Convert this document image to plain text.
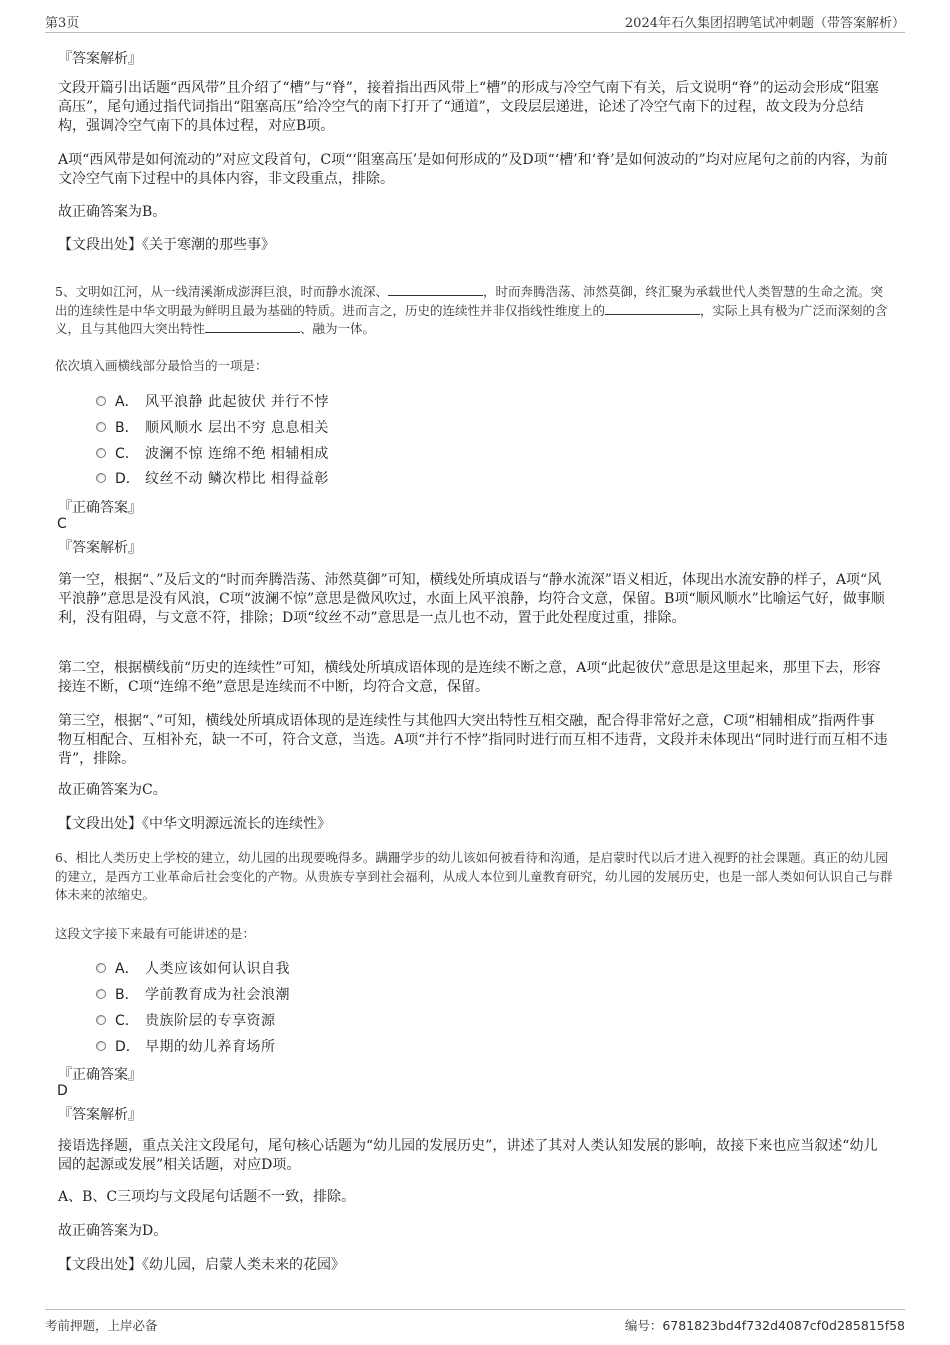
第3页	2024年石久集团招聘笔试冲刺题（带答案解析）

『答案解析』

文段开篇引出话题“西风带”且介绍了“槽”与“脊”，接着指出西风带上“槽”的形成与冷空气南下有关，后文说明“脊”的运动会形成“阻塞高压”，尾句通过指代词指出“阻塞高压”给冷空气的南下打开了“通道”，文段层层递进，论述了冷空气南下的过程，故文段为分总结构，强调冷空气南下的具体过程，对应B项。

A项“西风带是如何流动的”对应文段首句，C项“‘阻塞高压’是如何形成的”及D项“‘槽’和‘脊’是如何波动的”均对应尾句之前的内容，为前文冷空气南下过程中的具体内容，非文段重点，排除。

故正确答案为B。

【文段出处】《关于寒潮的那些事》

5、文明如江河，从一线清溪渐成澎湃巨浪，时而静水流深、	，时而奔腾浩荡、沛然莫御，终汇聚为承载世代人类智慧的生命之流。突出的连续性是中华文明最为鲜明且最为基础的特质。进而言之，历史的连续性并非仅指线性维度上的	，实际上具有极为广泛而深刻的含义，且与其他四大突出特性	、融为一体。

依次填入画横线部分最恰当的一项是：

A． 风平浪静 此起彼伏 并行不悖
B． 顺风顺水 层出不穷 息息相关
C． 波澜不惊 连绵不绝 相辅相成
D． 纹丝不动 鳞次栉比 相得益彰

『正确答案』

C

『答案解析』

第一空，根据“、”及后文的“时而奔腾浩荡、沛然莫御”可知，横线处所填成语与“静水流深”语义相近，体现出水流安静的样子，A项“风平浪静”意思是没有风浪，C项“波澜不惊”意思是微风吹过，水面上风平浪静，均符合文意，保留。B项“顺风顺水”比喻运气好，做事顺利，没有阻碍，与文意不符，排除；D项“纹丝不动”意思是一点儿也不动，置于此处程度过重，排除。

第二空，根据横线前“历史的连续性”可知，横线处所填成语体现的是连续不断之意，A项“此起彼伏”意思是这里起来，那里下去，形容接连不断，C项“连绵不绝”意思是连续而不中断，均符合文意，保留。

第三空，根据“、”可知，横线处所填成语体现的是连续性与其他四大突出特性互相交融，配合得非常好之意，C项“相辅相成”指两件事物互相配合、互相补充，缺一不可，符合文意，当选。A项“并行不悖”指同时进行而互相不违背，文段并未体现出“同时进行而互相不违背”，排除。

故正确答案为C。

【文段出处】《中华文明源远流长的连续性》

6、相比人类历史上学校的建立，幼儿园的出现要晚得多。蹒跚学步的幼儿该如何被看待和沟通，是启蒙时代以后才进入视野的社会课题。真正的幼儿园的建立，是西方工业革命后社会变化的产物。从贵族专享到社会福利，从成人本位到儿童教育研究，幼儿园的发展历史，也是一部人类如何认识自己与群体未来的浓缩史。

这段文字接下来最有可能讲述的是：

A． 人类应该如何认识自我
B． 学前教育成为社会浪潮
C． 贵族阶层的专享资源
D． 早期的幼儿养育场所

『正确答案』

D

『答案解析』

接语选择题，重点关注文段尾句，尾句核心话题为“幼儿园的发展历史”，讲述了其对人类认知发展的影响，故接下来也应当叙述“幼儿园的起源或发展”相关话题，对应D项。

A、B、C三项均与文段尾句话题不一致，排除。

故正确答案为D。

【文段出处】《幼儿园，启蒙人类未来的花园》

考前押题，上岸必备	编号：6781823bd4f732d4087cf0d285815f58
